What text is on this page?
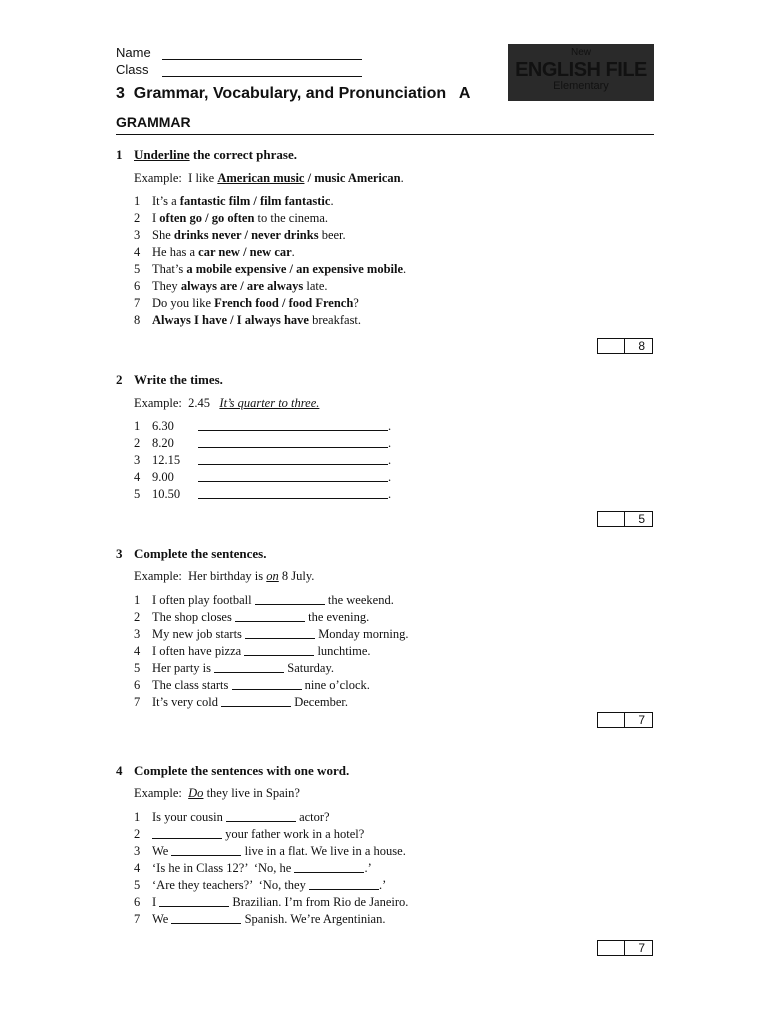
Name
Class
New
ENGLISH FILE
Elementary
3  Grammar, Vocabulary, and Pronunciation   A
GRAMMAR
1 Underline the correct phrase.
Example: I like American music / music American.
1 It’s a fantastic film / film fantastic.
2 I often go / go often to the cinema.
3 She drinks never / never drinks beer.
4 He has a car new / new car.
5 That’s a mobile expensive / an expensive mobile.
6 They always are / are always late.
7 Do you like French food / food French?
8 Always I have / I always have breakfast.
8
2 Write the times.
Example: 2.45 It’s quarter to three.
1 6.30	.
2 8.20	.
3 12.15	.
4 9.00	.
5 10.50	.
5
3 Complete the sentences.
Example: Her birthday is on 8 July.
1 I often play football	the weekend.
2 The shop closes	the evening.
3 My new job starts	Monday morning.
4 I often have pizza	lunchtime.
5 Her party is	Saturday.
6 The class starts	nine o’clock.
7 It’s very cold	December.
7
4 Complete the sentences with one word.
Example: Do they live in Spain?
1 Is your cousin	actor?
2	your father work in a hotel?
3 We	live in a flat. We live in a house.
4 ‘Is he in Class 12?’  ‘No, he	.’
5 ‘Are they teachers?’  ‘No, they	.’
6 I	Brazilian. I’m from Rio de Janeiro.
7 We	Spanish. We’re Argentinian.
7
